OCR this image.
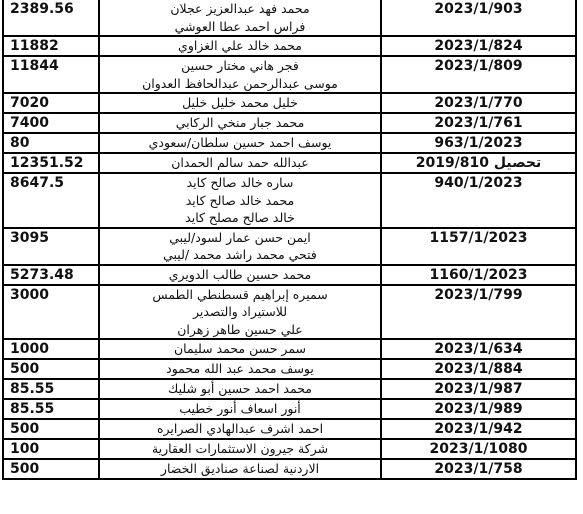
2389.56	محمد فهد عبدالعزيز عجلان
فراس احمد عطا العوشي	2023/1/903

11882	محمد خالد علي الغزاوي	2023/1/824

11844	فجر هاني مختار حسين
موسى عبدالرحمن عبدالحافظ العدوان	2023/1/809

7020	خليل محمد خليل خليل	2023/1/770

7400	محمد جبار منخي الركابي	2023/1/761

80	يوسف احمد حسين سلطان/سعودي	963/1/2023

12351.52	عبدالله حمد سالم الحمدان	2019/810 تحصيل

8647.5	ساره خالد صالح كايد
محمد خالد صالح كايد
خالد صالح مصلح كايد	940/1/2023

3095	ايمن حسن عمار لسود/ليبي
فتحي محمد راشد محمد /ليبي	1157/1/2023

5273.48	محمد حسين طالب الدويري	1160/1/2023

3000	سميره إبراهيم قسطنطي الطمس
للاستيراد والتصدير
علي حسين طاهر زهران	2023/1/799

1000	سمر حسن محمد سليمان	2023/1/634

500	يوسف محمد عبد الله محمود	2023/1/884

85.55	محمد احمد حسين أبو شليك	2023/1/987

85.55	أنور اسعاف أنور خطيب	2023/1/989

500	احمد اشرف عبدالهادي الصرايره	2023/1/942

100	شركة جيرون الاستثمارات العقارية	2023/1/1080

500	الاردنية لصناعة صناديق الخضار	2023/1/758
